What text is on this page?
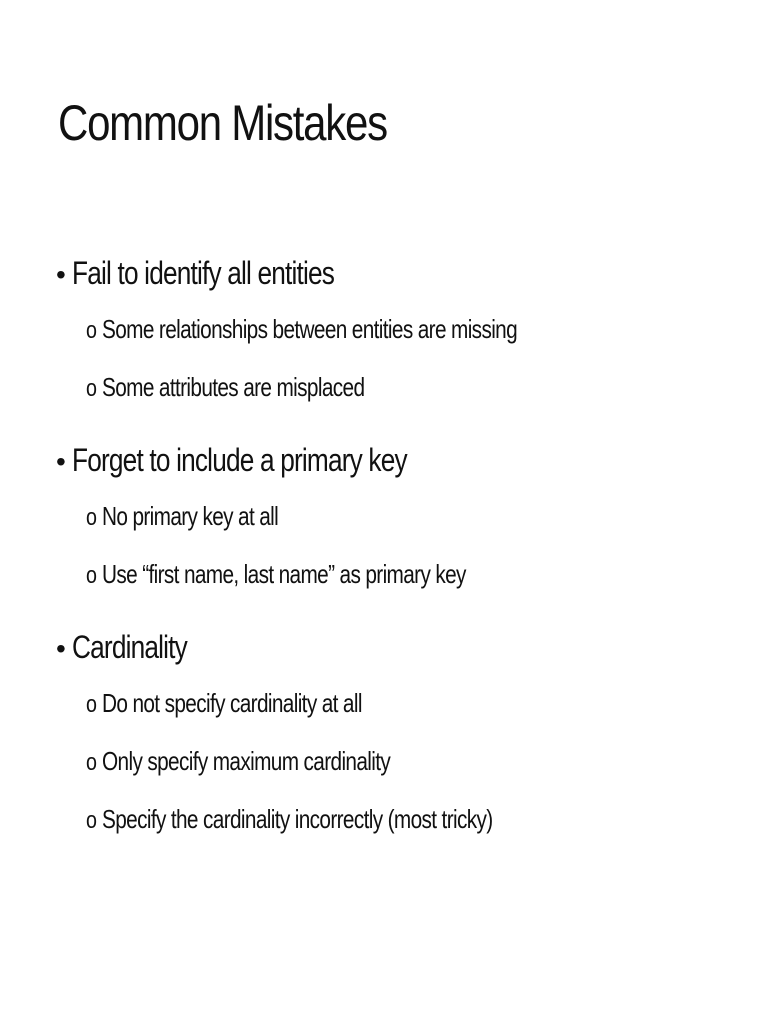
Common Mistakes
• Fail to identify all entities
o Some relationships between entities are missing
o Some attributes are misplaced
• Forget to include a primary key
o No primary key at all
o Use “first name, last name” as primary key
• Cardinality
o Do not specify cardinality at all
o Only specify maximum cardinality
o Specify the cardinality incorrectly (most tricky)
